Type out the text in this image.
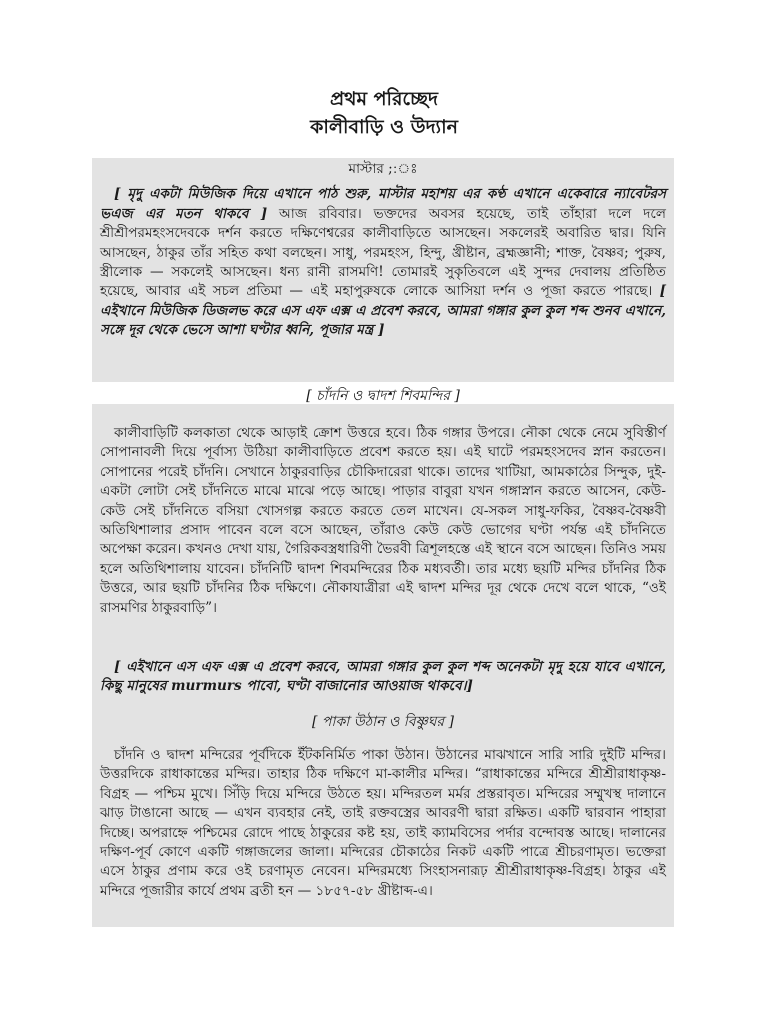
প্রথম পরিচ্ছেদ
কালীবাড়ি ও উদ্যান

মাস্টার ;:ঃ

[ মৃদু একটা মিউজিক দিয়ে এখানে পাঠ শুরু, মাস্টার মহাশয় এর কণ্ঠ এখানে একেবারে ন্যাবেটরস ভএজ এর মতন থাকবে ] আজ রবিবার। ভক্তদের অবসর হয়েছে, তাই তাঁহারা দলে দলে শ্রীশ্রীপরমহংসদেবকে দর্শন করতে দক্ষিণেশ্বরের কালীবাড়িতে আসছেন। সকলেরই অবারিত দ্বার। যিনি আসছেন, ঠাকুর তাঁর সহিত কথা বলছেন। সাধু, পরমহংস, হিন্দু, খ্রীষ্টান, ব্রহ্মজ্ঞানী; শাক্ত, বৈষ্ণব; পুরুষ, স্ত্রীলোক — সকলেই আসছেন। ধন্য রানী রাসমণি! তোমারই সুকৃতিবলে এই সুন্দর দেবালয় প্রতিষ্ঠিত হয়েছে, আবার এই সচল প্রতিমা — এই মহাপুরুষকে লোকে আসিয়া দর্শন ও পূজা করতে পারছে। [ এইখানে মিউজিক ডিজলভ করে এস এফ এক্স এ প্রবেশ করবে, আমরা গঙ্গার কুল কুল শব্দ শুনব এখানে, সঙ্গে দূর থেকে ভেসে আশা ঘণ্টার ধ্বনি, পূজার মন্ত্র ]

[ চাঁদনি ও দ্বাদশ শিবমন্দির ]

কালীবাড়িটি কলকাতা থেকে আড়াই ক্রোশ উত্তরে হবে। ঠিক গঙ্গার উপরে। নৌকা থেকে নেমে সুবিস্তীর্ণ সোপানাবলী দিয়ে পূর্বাস্য উঠিয়া কালীবাড়িতে প্রবেশ করতে হয়। এই ঘাটে পরমহংসদেব স্নান করতেন। সোপানের পরেই চাঁদনি। সেখানে ঠাকুরবাড়ির চৌকিদারেরা থাকে। তাদের খাটিয়া, আমকাঠের সিন্দুক, দুই-একটা লোটা সেই চাঁদনিতে মাঝে মাঝে পড়ে আছে। পাড়ার বাবুরা যখন গঙ্গাস্নান করতে আসেন, কেউ- কেউ সেই চাঁদনিতে বসিয়া খোসগল্প করতে করতে তেল মাখেন। যে-সকল সাধু-ফকির, বৈষ্ণব-বৈষ্ণবী অতিথিশালার প্রসাদ পাবেন বলে বসে আছেন, তাঁরাও কেউ কেউ ভোগের ঘণ্টা পর্যন্ত এই চাঁদনিতে অপেক্ষা করেন। কখনও দেখা যায়, গৈরিকবস্ত্রধারিণী ভৈরবী ত্রিশূলহস্তে এই স্থানে বসে আছেন। তিনিও সময় হলে অতিথিশালায় যাবেন। চাঁদনিটি দ্বাদশ শিবমন্দিরের ঠিক মধ্যবর্তী। তার মধ্যে ছয়টি মন্দির চাঁদনির ঠিক উত্তরে, আর ছয়টি চাঁদনির ঠিক দক্ষিণে। নৌকাযাত্রীরা এই দ্বাদশ মন্দির দূর থেকে দেখে বলে থাকে, “ওই রাসমণির ঠাকুরবাড়ি”।

[ এইখানে এস এফ এক্স এ প্রবেশ করবে, আমরা গঙ্গার কুল কুল শব্দ অনেকটা মৃদু হয়ে যাবে এখানে, কিছু মানুষের murmurs পাবো, ঘণ্টা বাজানোর আওয়াজ থাকবে।]

[ পাকা উঠান ও বিষ্ণুঘর ]

চাঁদনি ও দ্বাদশ মন্দিরের পূর্বদিকে ইঁটকনির্মিত পাকা উঠান। উঠানের মাঝখানে সারি সারি দুইটি মন্দির। উত্তরদিকে রাধাকান্তের মন্দির। তাহার ঠিক দক্ষিণে মা-কালীর মন্দির। “রাধাকান্তের মন্দিরে শ্রীশ্রীরাধাকৃষ্ণ-বিগ্রহ — পশ্চিম মুখে। সিঁড়ি দিয়ে মন্দিরে উঠতে হয়। মন্দিরতল মর্মর প্রস্তরাবৃত। মন্দিরের সম্মুখস্থ দালানে ঝাড় টাঙানো আছে — এখন ব্যবহার নেই, তাই রক্তবস্ত্রের আবরণী দ্বারা রক্ষিত। একটি দ্বারবান পাহারা দিচ্ছে। অপরাহ্নে পশ্চিমের রোদে পাছে ঠাকুরের কষ্ট হয়, তাই ক্যামবিসের পর্দার বন্দোবস্ত আছে। দালানের দক্ষিণ-পূর্ব কোণে একটি গঙ্গাজলের জালা। মন্দিরের চৌকাঠের নিকট একটি পাত্রে শ্রীচরণামৃত। ভক্তেরা এসে ঠাকুর প্রণাম করে ওই চরণামৃত নেবেন। মন্দিরমধ্যে সিংহাসনারূঢ় শ্রীশ্রীরাধাকৃষ্ণ-বিগ্রহ। ঠাকুর এই মন্দিরে পূজারীর কার্যে প্রথম ব্রতী হন — ১৮৫৭-৫৮ খ্রীষ্টাব্দ-এ।
